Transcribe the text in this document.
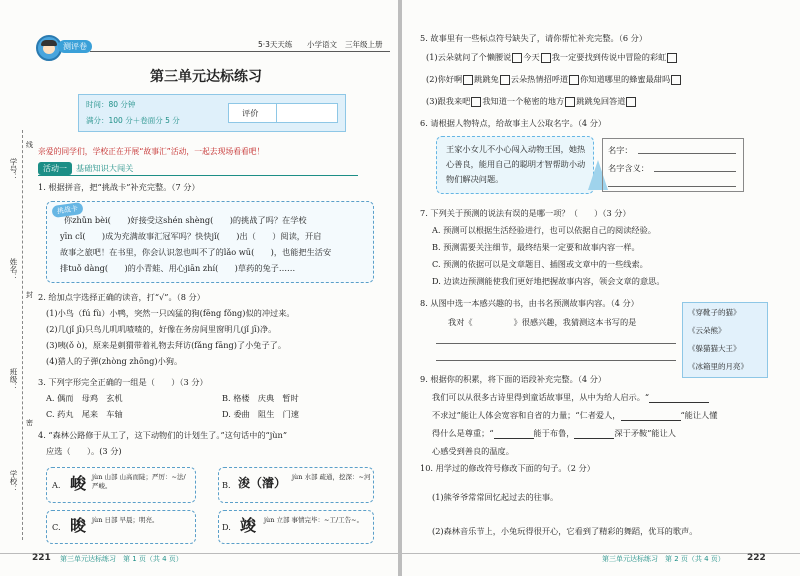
测评卷	5·3天天练 小学语文 三年级上册
第三单元达标练习
时间：80 分钟
满分：100 分＋卷面分 5 分
评价
学号：
姓名：
班级：
学校：
线
封
密
亲爱的同学们，学校正在开展“故事汇”活动，一起去现场看看吧！
活动一	基础知识大闯关
1. 根据拼音，把“挑战卡”补充完整。（7 分）
挑战卡
你zhǔn bèi(　　)好接受这shén shèng(　　)的挑战了吗？在学校
yīn cǐ(　　)成为充满故事汇冠军吗？快快jǐ(　　)出（　　）阅读，开启
故事之旅吧！在书里，你会认识忽也叫不了的lǎo wū(　　)，也能把生活安
排tuǒ dàng(　　)的小青蛙、用心jiān zhí(　　)草药的兔子……
2. 给加点字选择正确的读音，打“√”。（8 分）
(1)小鸟（fú fù）小鸭，突然一只凶猛的狗(fēng fǒng)似的冲过来。
(2)几(jǐ jī)只鸟儿叽叽喳喳的，好像在务房间里窗明几(jǐ jī)净。
(3)咦(ǒ ò)，原来是刺猬带着礼物去拜访(fǎng fāng)了小兔子了。
(4)猎人的子弹(zhòng zhōng)小狗。
3. 下列字形完全正确的一组是（　　）（3 分）
A. 偶而　母鸡　玄机	B. 格楼　庆典　暂时
C. 药丸　尾来　车轴	D. 委曲　阻生　门速
4. “森林公路修于从工了，这下动物们的计划生了。”这句话中的“jùn”
应选（　　）。(3 分)
A. 峻 jùn 山部 山高而陡；严厉：~法/严峻。	B. 浚（濬） jùn 水部 疏通，挖深：~河
C. 晙 jùn 日部 早晨；明亮。
D. 竣 jùn 立部 事情完毕：~工/工告~。
221 第三单元达标练习　第 1 页（共 4 页）
5. 故事里有一些标点符号缺失了，请你帮忙补充完整。（6 分）
(1)云朵就问了个懒腰说 今天 我一定要找到传说中冒险的彩虹
(2)你好啊 跳跳兔 云朵热情招呼道 你知道哪里的蜂蜜最甜吗
(3)跟我来吧 我知道一个秘密的地方 跳跳兔回答道
6. 请根据人物特点，给故事主人公取名字。（4 分）
王家小女儿不小心闯入动物王国，她热心善良，能用自己的聪明才智帮助小动物们解决问题。
名字：
名字含义：
7. 下列关于预测的说法有误的是哪一项？（　　）（3 分）
A. 预测可以根据生活经验进行，也可以依据自己的阅读经验。
B. 预测需要关注细节，最终结果一定要和故事内容一样。
C. 预测的依据可以是文章题目、插图或文章中的一些线索。
D. 边读边预测能使我们更好地把握故事内容，领会文章的意思。
8. 从图中选一本感兴趣的书，由书名预测故事内容。（4 分）
我对《　　　　　》很感兴趣，我猜测这本书写的是
《穿靴子的猫》
《云朵熊》
《躲猫猫大王》
《冰箱里的月亮》
9. 根据你的积累，将下面的语段补充完整。（4 分）
我们可以从很多古诗里得到童话故事里，从中为给人启示。“
不求过”能让人体会宽容和自省的力量；“仁者爱人，	“能让人懂
得什么是尊重；“	能于布鲁，	深于矛鞍”能让人
心感受到善良的温度。
10. 用学过的修改符号修改下面的句子。（2 分）
(1)熊爷爷常常回忆起过去的往事。
(2)森林音乐节上，小兔玩得很开心，它看到了精彩的舞蹈，优耳的歌声。
第三单元达标练习　第 2 页（共 4 页） 222
